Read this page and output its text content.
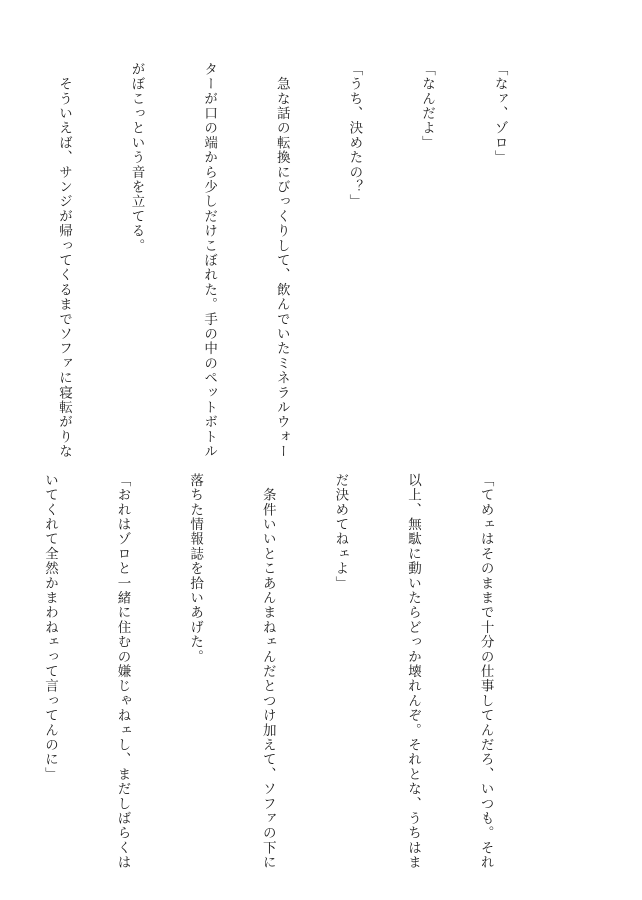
「なァ、ゾロ」

「なんだよ」

「うち、決めたの？」

　急な話の転換にびっくりして、飲んでいたミネラルウォー

ターが口の端から少しだけこぼれた。手の中のペットボトル

がぼこっという音を立てる。

　そういえば、サンジが帰ってくるまでソファに寝転がりな

「てめェはそのままで十分の仕事してんだろ、いつも。それ

以上、無駄に動いたらどっか壊れんぞ。それとな、うちはま

だ決めてねェよ」

　条件いいとこあんまねェんだとつけ加えて、ソファの下に

落ちた情報誌を拾いあげた。

「おれはゾロと一緒に住むの嫌じゃねェし、まだしばらくは

いてくれて全然かまわねェって言ってんのに」
